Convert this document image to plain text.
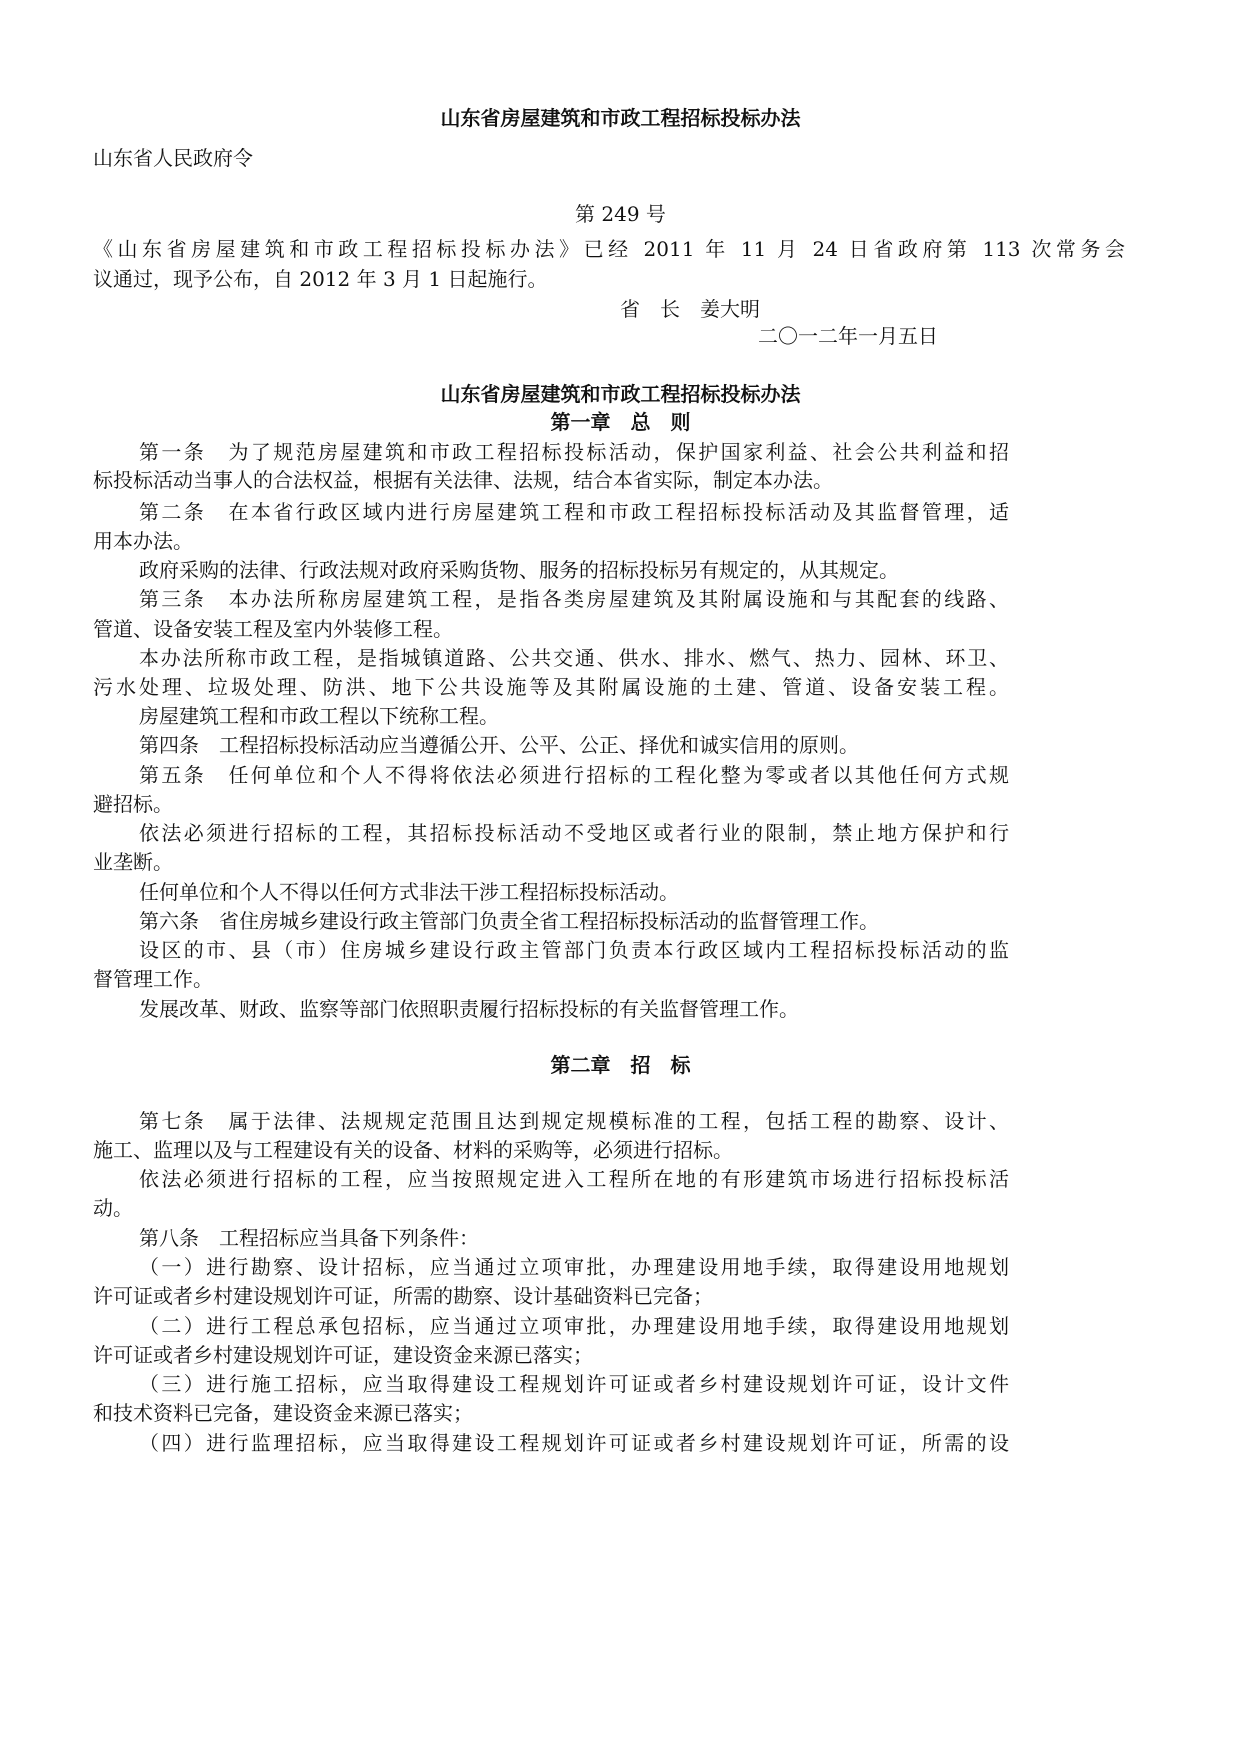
山东省房屋建筑和市政工程招标投标办法

山东省人民政府令

第 249 号

《山东省房屋建筑和市政工程招标投标办法》已经 2011 年 11 月 24 日省政府第 113 次常务会

议通过，现予公布，自 2012 年 3 月 1 日起施行。

省　长　姜大明

二〇一二年一月五日

山东省房屋建筑和市政工程招标投标办法

第一章　总　则

第一条　为了规范房屋建筑和市政工程招标投标活动，保护国家利益、社会公共利益和招

标投标活动当事人的合法权益，根据有关法律、法规，结合本省实际，制定本办法。

第二条　在本省行政区域内进行房屋建筑工程和市政工程招标投标活动及其监督管理，适

用本办法。

政府采购的法律、行政法规对政府采购货物、服务的招标投标另有规定的，从其规定。

第三条　本办法所称房屋建筑工程，是指各类房屋建筑及其附属设施和与其配套的线路、

管道、设备安装工程及室内外装修工程。

本办法所称市政工程，是指城镇道路、公共交通、供水、排水、燃气、热力、园林、环卫、

污水处理、垃圾处理、防洪、地下公共设施等及其附属设施的土建、管道、设备安装工程。

房屋建筑工程和市政工程以下统称工程。

第四条　工程招标投标活动应当遵循公开、公平、公正、择优和诚实信用的原则。

第五条　任何单位和个人不得将依法必须进行招标的工程化整为零或者以其他任何方式规

避招标。

依法必须进行招标的工程，其招标投标活动不受地区或者行业的限制，禁止地方保护和行

业垄断。

任何单位和个人不得以任何方式非法干涉工程招标投标活动。

第六条　省住房城乡建设行政主管部门负责全省工程招标投标活动的监督管理工作。

设区的市、县（市）住房城乡建设行政主管部门负责本行政区域内工程招标投标活动的监

督管理工作。

发展改革、财政、监察等部门依照职责履行招标投标的有关监督管理工作。

第二章　招　标

第七条　属于法律、法规规定范围且达到规定规模标准的工程，包括工程的勘察、设计、

施工、监理以及与工程建设有关的设备、材料的采购等，必须进行招标。

依法必须进行招标的工程，应当按照规定进入工程所在地的有形建筑市场进行招标投标活

动。

第八条　工程招标应当具备下列条件：

（一）进行勘察、设计招标，应当通过立项审批，办理建设用地手续，取得建设用地规划

许可证或者乡村建设规划许可证，所需的勘察、设计基础资料已完备；

（二）进行工程总承包招标，应当通过立项审批，办理建设用地手续，取得建设用地规划

许可证或者乡村建设规划许可证，建设资金来源已落实；

（三）进行施工招标，应当取得建设工程规划许可证或者乡村建设规划许可证，设计文件

和技术资料已完备，建设资金来源已落实；

（四）进行监理招标，应当取得建设工程规划许可证或者乡村建设规划许可证，所需的设
